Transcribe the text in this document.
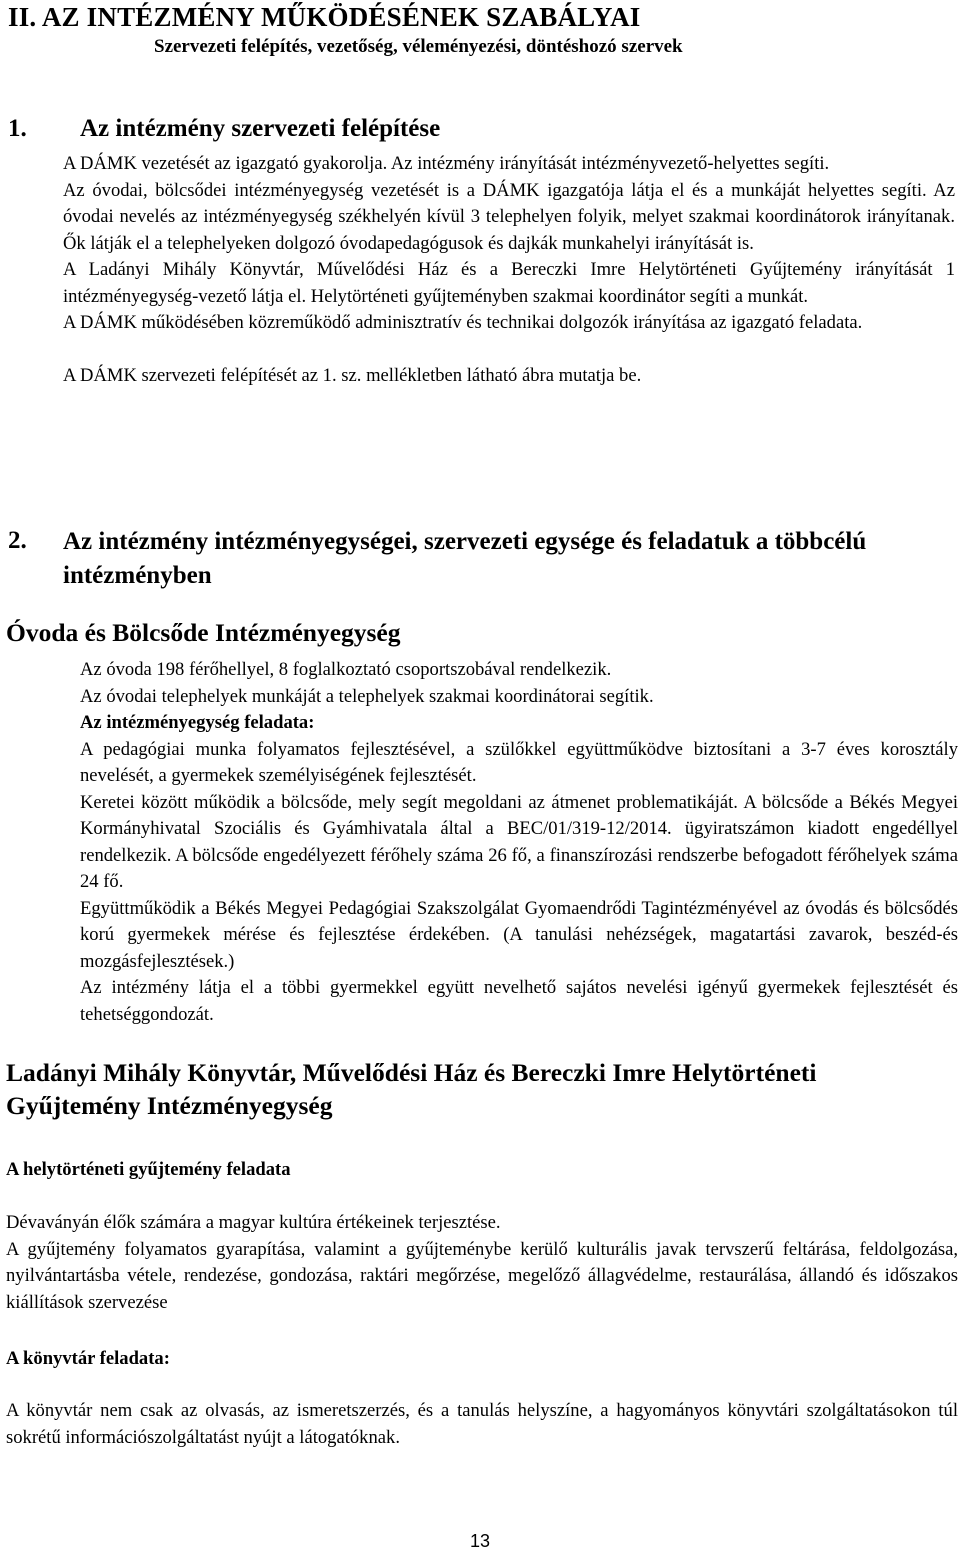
II. AZ INTÉZMÉNY MŰKÖDÉSÉNEK SZABÁLYAI
Szervezeti felépítés, vezetőség, véleményezési, döntéshozó szervek
1. Az intézmény szervezeti felépítése

A DÁMK vezetését az igazgató gyakorolja. Az intézmény irányítását intézményvezető-helyettes segíti.

Az óvodai, bölcsődei intézményegység vezetését is a DÁMK igazgatója látja el és a munkáját helyettes segíti. Az óvodai nevelés az intézményegység székhelyén kívül 3 telephelyen folyik, melyet szakmai koordinátorok irányítanak. Ők látják el a telephelyeken dolgozó óvodapedagógusok és dajkák munkahelyi irányítását is.

A Ladányi Mihály Könyvtár, Művelődési Ház és a Bereczki Imre Helytörténeti Gyűjtemény irányítását 1 intézményegység-vezető látja el. Helytörténeti gyűjteményben szakmai koordinátor segíti a munkát.

A DÁMK működésében közreműködő adminisztratív és technikai dolgozók irányítása az igazgató feladata.

A DÁMK szervezeti felépítését az 1. sz. mellékletben látható ábra mutatja be.

2. Az intézmény intézményegységei, szervezeti egysége és feladatuk a többcélú intézményben
Óvoda és Bölcsőde Intézményegység

Az óvoda 198 férőhellyel, 8 foglalkoztató csoportszobával rendelkezik.

Az óvodai telephelyek munkáját a telephelyek szakmai koordinátorai segítik.

Az intézményegység feladata:

A pedagógiai munka folyamatos fejlesztésével, a szülőkkel együttműködve biztosítani a 3-7 éves korosztály nevelését, a gyermekek személyiségének fejlesztését.

Keretei között működik a bölcsőde, mely segít megoldani az átmenet problematikáját. A bölcsőde a Békés Megyei Kormányhivatal Szociális és Gyámhivatala által a BEC/01/319-12/2014. ügyiratszámon kiadott engedéllyel rendelkezik. A bölcsőde engedélyezett férőhely száma 26 fő, a finanszírozási rendszerbe befogadott férőhelyek száma 24 fő.

Együttműködik a Békés Megyei Pedagógiai Szakszolgálat Gyomaendrődi Tagintézményével az óvodás és bölcsődés korú gyermekek mérése és fejlesztése érdekében. (A tanulási nehézségek, magatartási zavarok, beszéd-és mozgásfejlesztések.)

Az intézmény látja el a többi gyermekkel együtt nevelhető sajátos nevelési igényű gyermekek fejlesztését és tehetséggondozát.

Ladányi Mihály Könyvtár, Művelődési Ház és Bereczki Imre Helytörténeti Gyűjtemény Intézményegység
A helytörténeti gyűjtemény feladata

Dévaványán élők számára a magyar kultúra értékeinek terjesztése.

A gyűjtemény folyamatos gyarapítása, valamint a gyűjteménybe kerülő kulturális javak tervszerű feltárása, feldolgozása, nyilvántartásba vétele, rendezése, gondozása, raktári megőrzése, megelőző állagvédelme, restaurálása, állandó és időszakos kiállítások szervezése

A könyvtár feladata:

A könyvtár nem csak az olvasás, az ismeretszerzés, és a tanulás helyszíne, a hagyományos könyvtári szolgáltatásokon túl sokrétű információszolgáltatást nyújt a látogatóknak.

13
